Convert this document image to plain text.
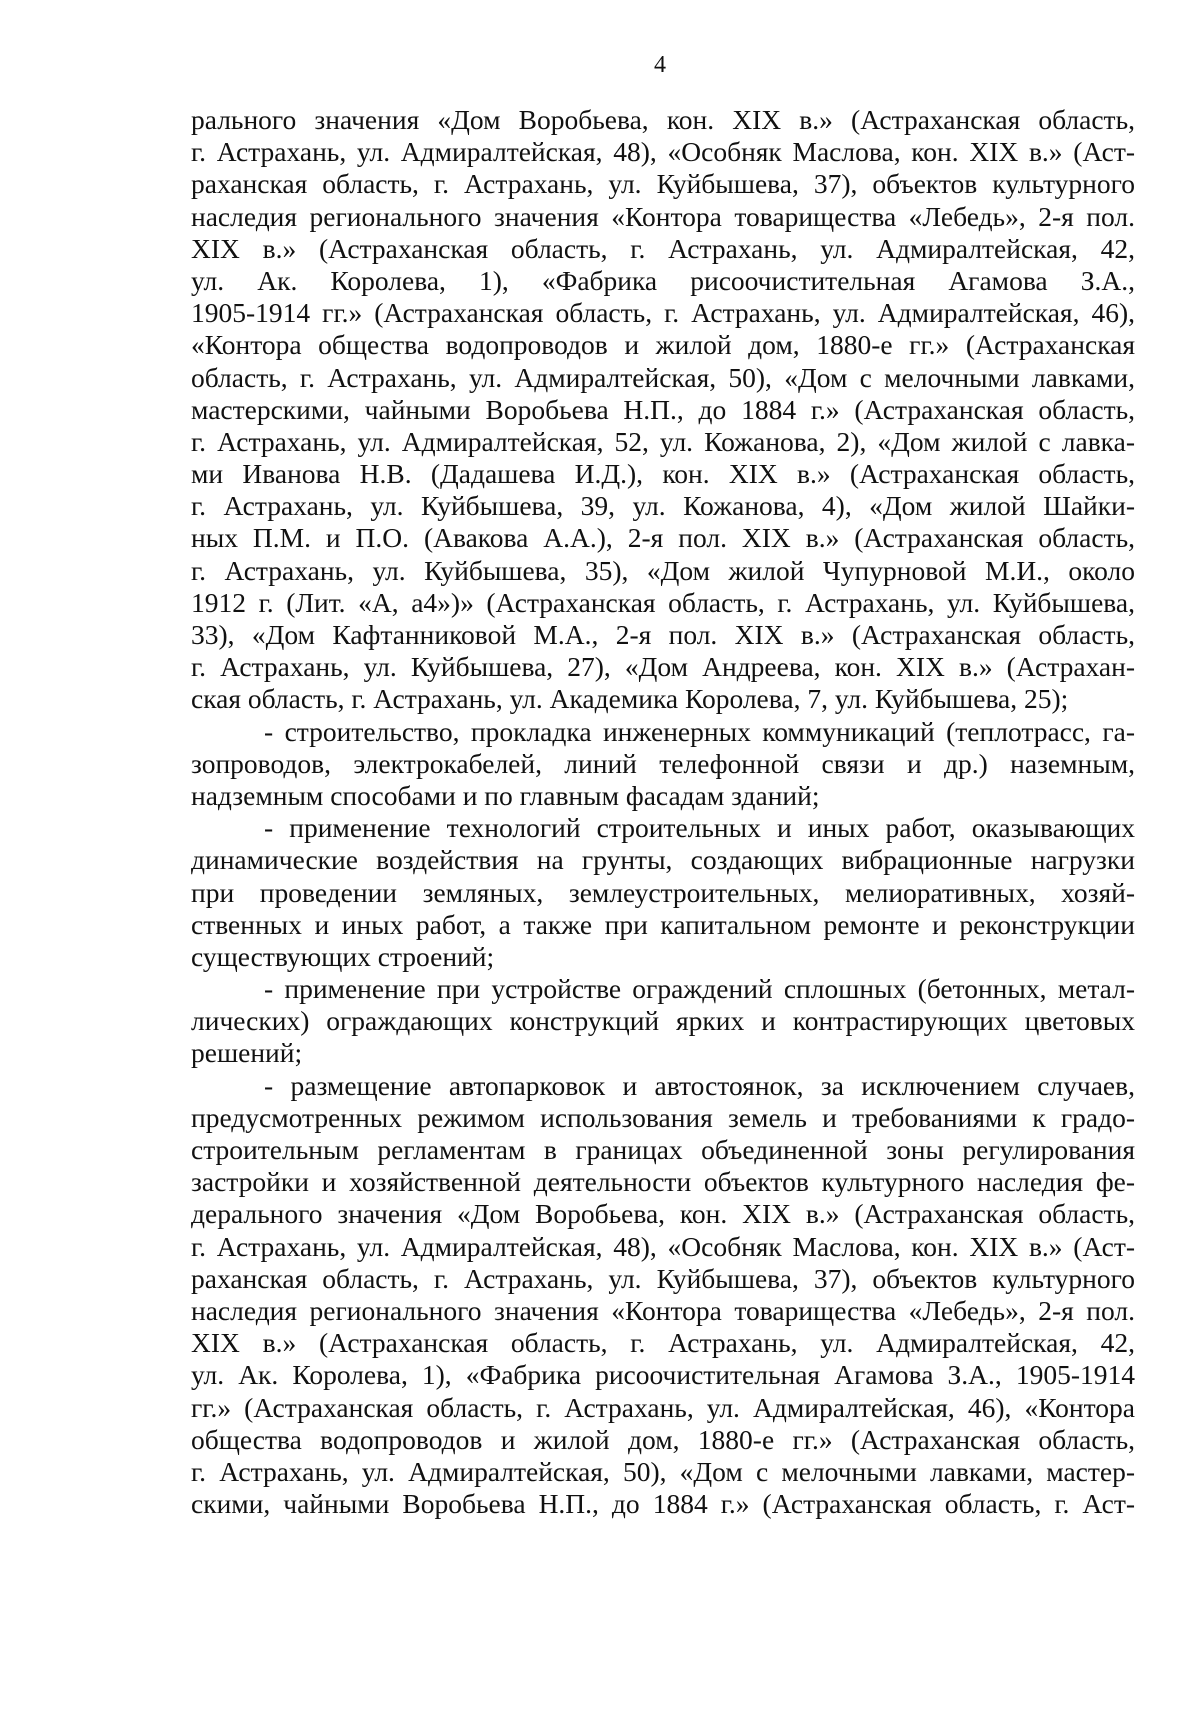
4
рального значения «Дом Воробьева, кон. XIX в.» (Астраханская область,
г. Астрахань, ул. Адмиралтейская, 48), «Особняк Маслова, кон. XIX в.» (Аст-
раханская область, г. Астрахань, ул. Куйбышева, 37), объектов культурного
наследия регионального значения «Контора товарищества «Лебедь», 2-я пол.
XIX в.» (Астраханская область, г. Астрахань, ул. Адмиралтейская, 42,
ул. Ак. Королева, 1), «Фабрика рисоочистительная Агамова З.А.,
1905-1914 гг.» (Астраханская область, г. Астрахань, ул. Адмиралтейская, 46),
«Контора общества водопроводов и жилой дом, 1880-е гг.» (Астраханская
область, г. Астрахань, ул. Адмиралтейская, 50), «Дом с мелочными лавками,
мастерскими, чайными Воробьева Н.П., до 1884 г.» (Астраханская область,
г. Астрахань, ул. Адмиралтейская, 52, ул. Кожанова, 2), «Дом жилой с лавка-
ми Иванова Н.В. (Дадашева И.Д.), кон. XIX в.» (Астраханская область,
г. Астрахань, ул. Куйбышева, 39, ул. Кожанова, 4), «Дом жилой Шайки-
ных П.М. и П.О. (Авакова А.А.), 2-я пол. XIX в.» (Астраханская область,
г. Астрахань, ул. Куйбышева, 35), «Дом жилой Чупурновой М.И., около
1912 г. (Лит. «А, а4»)» (Астраханская область, г. Астрахань, ул. Куйбышева,
33), «Дом Кафтанниковой М.А., 2-я пол. XIX в.» (Астраханская область,
г. Астрахань, ул. Куйбышева, 27), «Дом Андреева, кон. XIX в.» (Астрахан-
ская область, г. Астрахань, ул. Академика Королева, 7, ул. Куйбышева, 25);
- строительство, прокладка инженерных коммуникаций (теплотрасс, га-
зопроводов, электрокабелей, линий телефонной связи и др.) наземным,
надземным способами и по главным фасадам зданий;
- применение технологий строительных и иных работ, оказывающих
динамические воздействия на грунты, создающих вибрационные нагрузки
при проведении земляных, землеустроительных, мелиоративных, хозяй-
ственных и иных работ, а также при капитальном ремонте и реконструкции
существующих строений;
- применение при устройстве ограждений сплошных (бетонных, метал-
лических) ограждающих конструкций ярких и контрастирующих цветовых
решений;
- размещение автопарковок и автостоянок, за исключением случаев,
предусмотренных режимом использования земель и требованиями к градо-
строительным регламентам в границах объединенной зоны регулирования
застройки и хозяйственной деятельности объектов культурного наследия фе-
дерального значения «Дом Воробьева, кон. XIX в.» (Астраханская область,
г. Астрахань, ул. Адмиралтейская, 48), «Особняк Маслова, кон. XIX в.» (Аст-
раханская область, г. Астрахань, ул. Куйбышева, 37), объектов культурного
наследия регионального значения «Контора товарищества «Лебедь», 2-я пол.
XIX в.» (Астраханская область, г. Астрахань, ул. Адмиралтейская, 42,
ул. Ак. Королева, 1), «Фабрика рисоочистительная Агамова З.А., 1905-1914
гг.» (Астраханская область, г. Астрахань, ул. Адмиралтейская, 46), «Контора
общества водопроводов и жилой дом, 1880-е гг.» (Астраханская область,
г. Астрахань, ул. Адмиралтейская, 50), «Дом с мелочными лавками, мастер-
скими, чайными Воробьева Н.П., до 1884 г.» (Астраханская область, г. Аст-
